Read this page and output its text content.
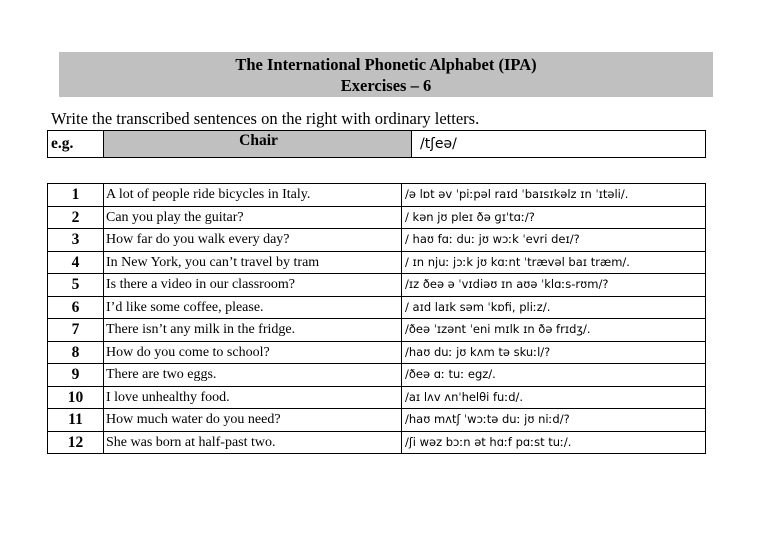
The International Phonetic Alphabet (IPA)
Exercises – 6
Write the transcribed sentences on the right with ordinary letters.
e.g.	Chair	/tʃeə/
1	A lot of people ride bicycles in Italy.	/ə lɒt əv ˈpiːpəl raɪd ˈbaɪsɪkəlz ɪn ˈɪtəli/.
2	Can you play the guitar?	/ kən jʊ pleɪ ðə ɡɪˈtɑː/?
3	How far do you walk every day?	/ haʊ fɑː duː jʊ wɔːk ˈevri deɪ/?
4	In New York, you can’t travel by tram	/ ɪn njuː jɔːk jʊ kɑːnt ˈtrævəl baɪ træm/.
5	Is there a video in our classroom?	/ɪz ðeə ə ˈvɪdiəʊ ɪn aʊə ˈklɑːs-rʊm/?
6	I’d like some coffee, please.	/ aɪd laɪk səm ˈkɒfi, pliːz/.
7	There isn’t any milk in the fridge.	/ðeə ˈɪzənt ˈeni mɪlk ɪn ðə frɪdʒ/.
8	How do you come to school?	/haʊ duː jʊ kʌm tə skuːl/?
9	There are two eggs.	/ðeə ɑː tuː egz/.
10	I love unhealthy food.	/aɪ lʌv ʌnˈhelθi fuːd/.
11	How much water do you need?	/haʊ mʌtʃ ˈwɔːtə duː jʊ niːd/?
12	She was born at half-past two.	/ʃi wəz bɔːn ət hɑːf pɑːst tuː/.
